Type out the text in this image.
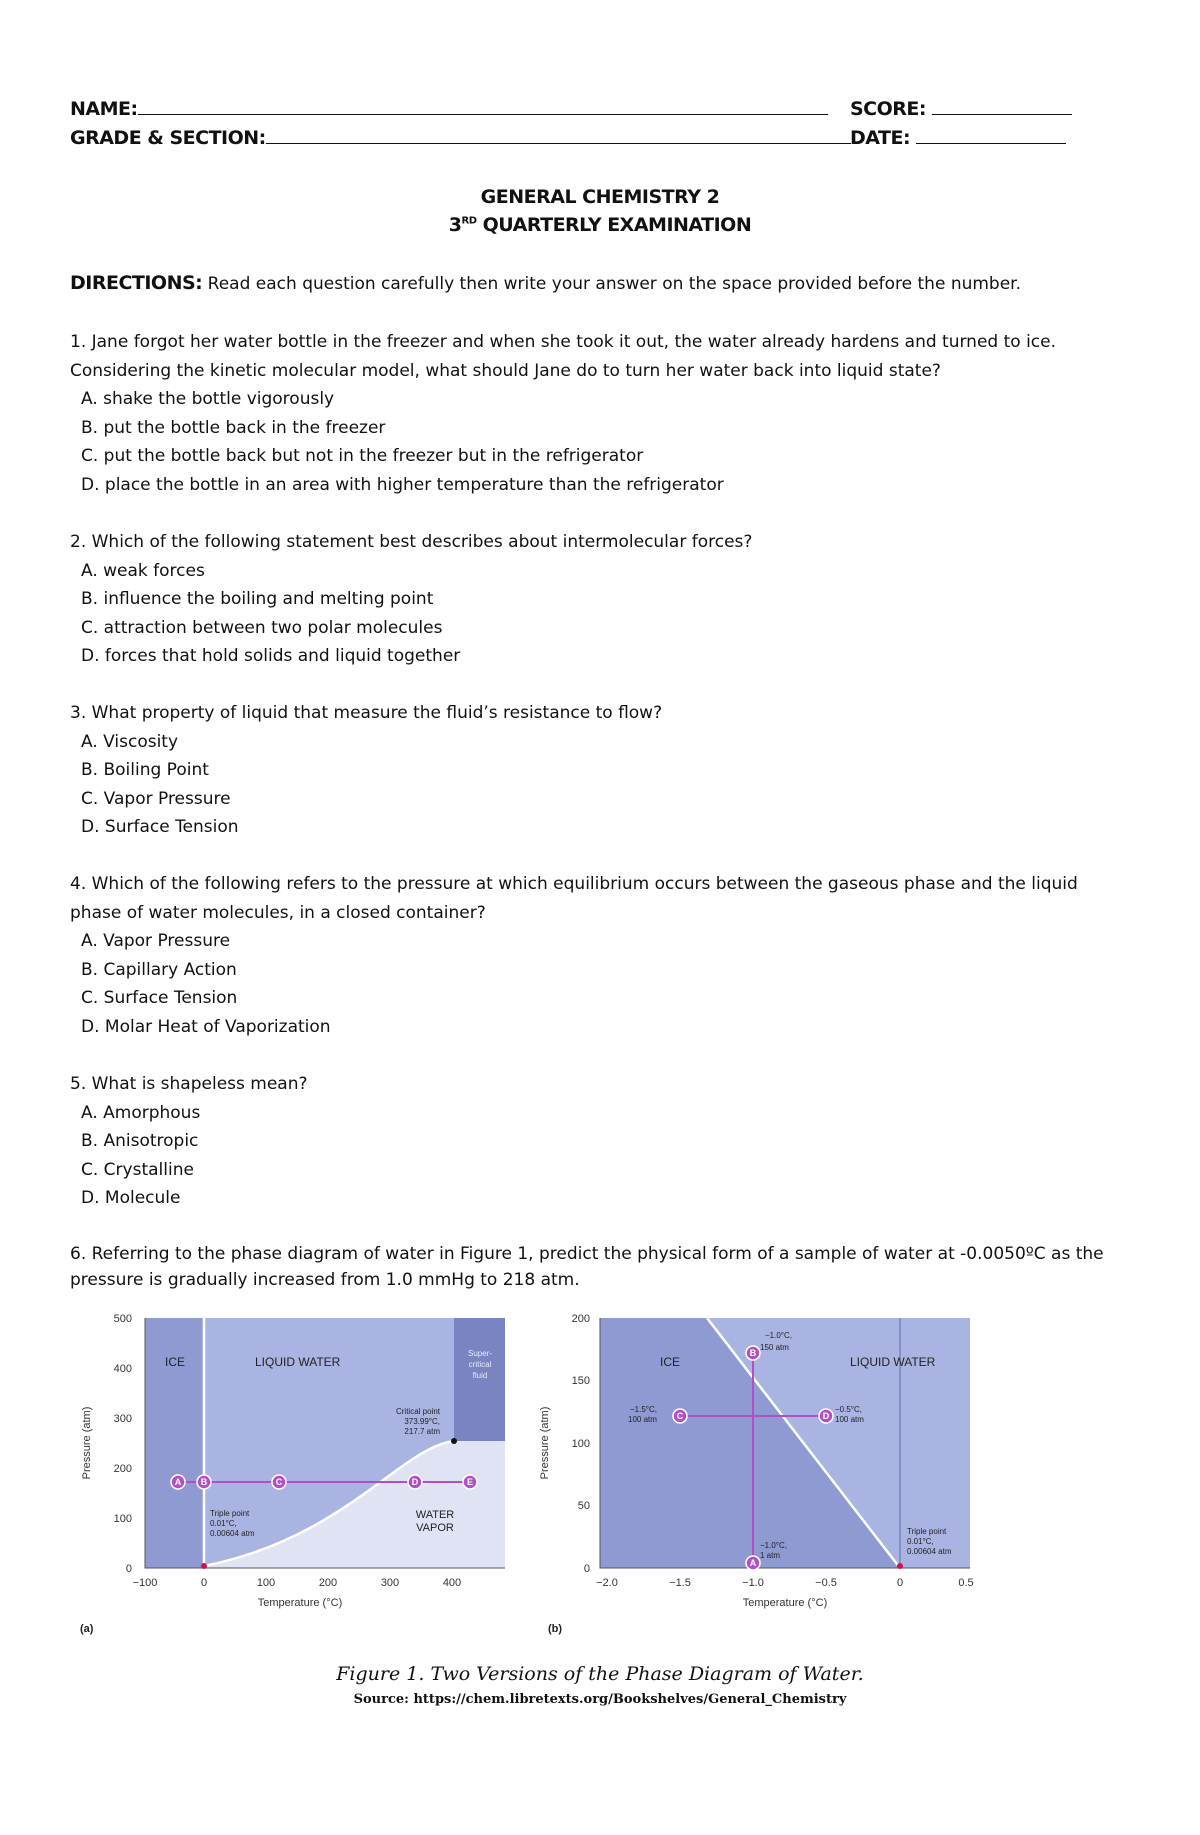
NAME:	SCORE:
GRADE & SECTION:	DATE:
GENERAL CHEMISTRY 2
3RD QUARTERLY EXAMINATION
DIRECTIONS: Read each question carefully then write your answer on the space provided before the number.
1. Jane forgot her water bottle in the freezer and when she took it out, the water already hardens and turned to ice. Considering the kinetic molecular model, what should Jane do to turn her water back into liquid state?
A. shake the bottle vigorously
B. put the bottle back in the freezer
C. put the bottle back but not in the freezer but in the refrigerator
D. place the bottle in an area with higher temperature than the refrigerator
2. Which of the following statement best describes about intermolecular forces?
A. weak forces
B. influence the boiling and melting point
C. attraction between two polar molecules
D. forces that hold solids and liquid together
3. What property of liquid that measure the fluid’s resistance to flow?
A. Viscosity
B. Boiling Point
C. Vapor Pressure
D. Surface Tension
4. Which of the following refers to the pressure at which equilibrium occurs between the gaseous phase and the liquid phase of water molecules, in a closed container?
A. Vapor Pressure
B. Capillary Action
C. Surface Tension
D. Molar Heat of Vaporization
5. What is shapeless mean?
A. Amorphous
B. Anisotropic
C. Crystalline
D. Molecule
6. Referring to the phase diagram of water in Figure 1, predict the physical form of a sample of water at -0.0050ºC as the pressure is gradually increased from 1.0 mmHg to 218 atm.
500
400
300
200
100
0
−100	0	100	200	300	400
Temperature (°C)
Pressure (atm)
ICE	LIQUID WATER
Super-
critical
fluid
WATER
VAPOR
Critical point
373.99°C,
217.7 atm
Triple point
0.01°C,
0.00604 atm
A B	C	D	E
(a)
200
150
100
50
0
−2.0	−1.5	−1.0	−0.5	0	0.5
Temperature (°C)
Pressure (atm)
ICE	LIQUID WATER
−1.0°C,
150 atm
−1.5°C,
100 atm
−0.5°C,
100 atm
−1.0°C,
1 atm
Triple point
0.01°C,
0.00604 atm
A
B
C	D
(b)
Figure 1. Two Versions of the Phase Diagram of Water.
Source: https://chem.libretexts.org/Bookshelves/General_Chemistry
